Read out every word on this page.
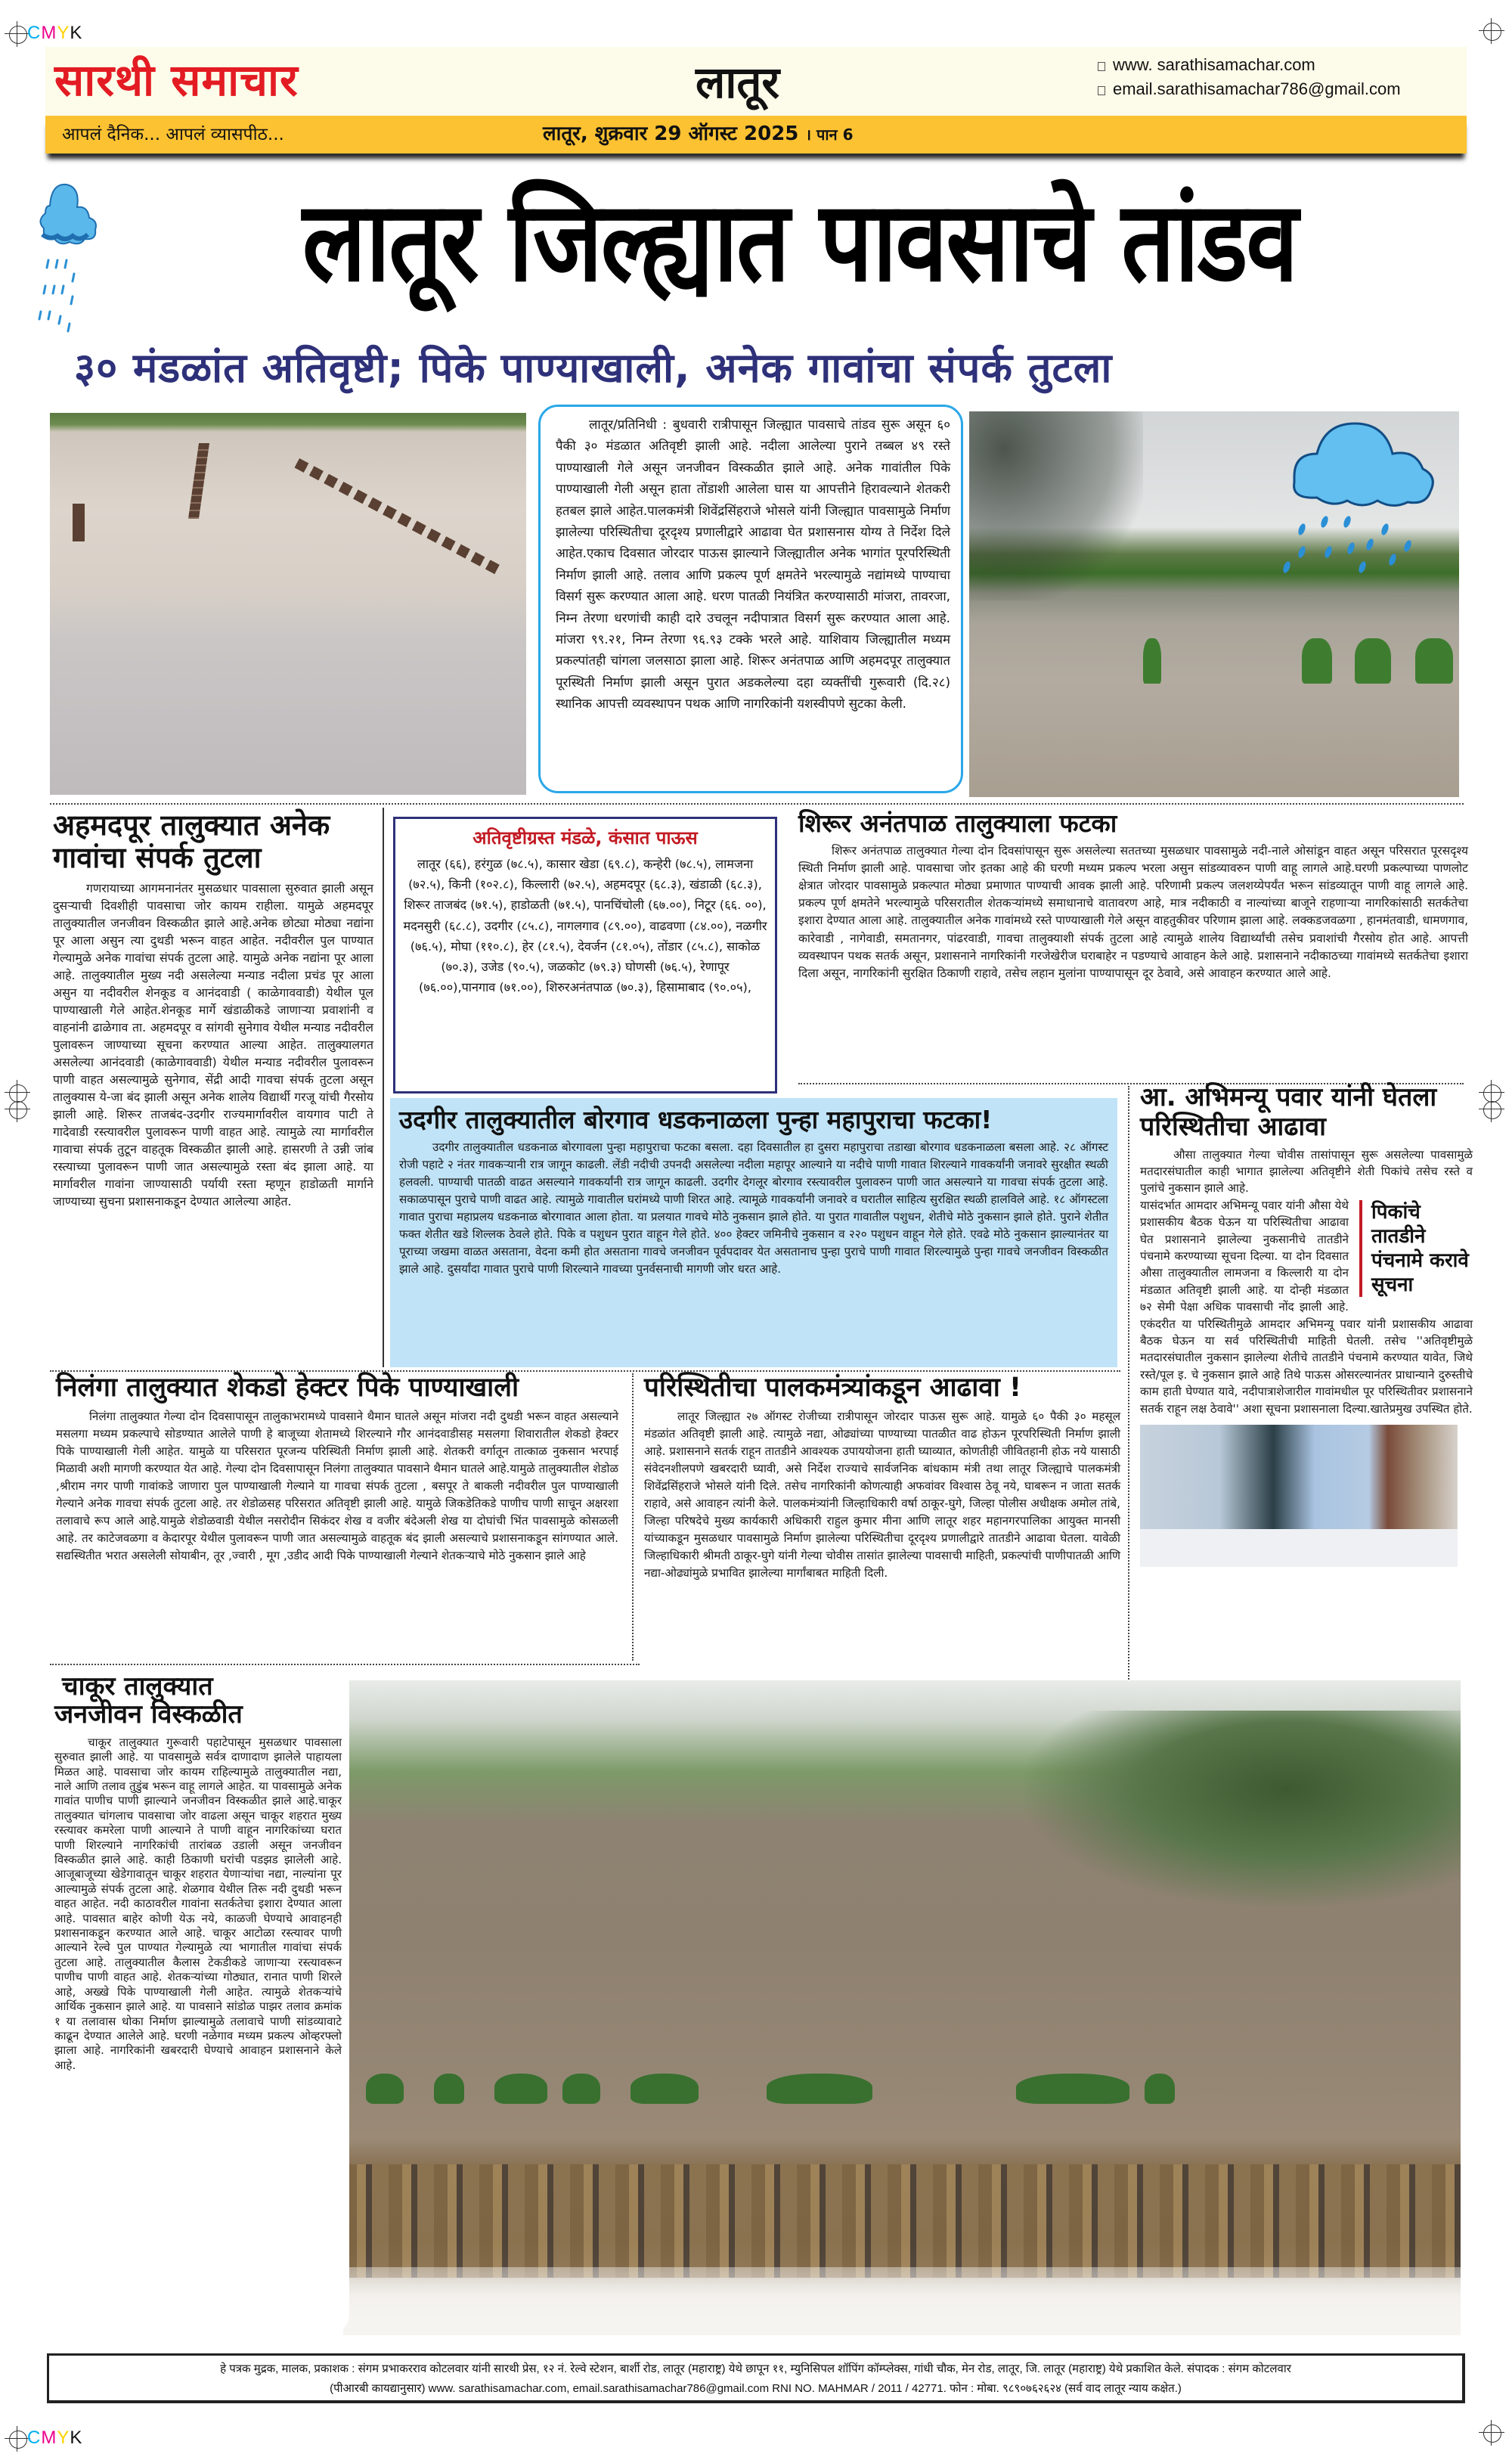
CMYK
CMYK
सारथी समाचार	लातूर	www. sarathisamachar.com
email.sarathisamachar786@gmail.com
आपलं दैनिक... आपलं व्यासपीठ...	लातूर, शुक्रवार 29 ऑगस्ट 2025 । पान 6
लातूर जिल्ह्यात पावसाचे तांडव
३० मंडळांत अतिवृष्टी; पिके पाण्याखाली, अनेक गावांचा संपर्क तुटला

लातूर/प्रतिनिधी : बुधवारी रात्रीपासून जिल्ह्यात पावसाचे तांडव सुरू असून ६० पैकी ३० मंडळात अतिवृष्टी झाली आहे. नदीला आलेल्या पुराने तब्बल ४९ रस्ते पाण्याखाली गेले असून जनजीवन विस्कळीत झाले आहे. अनेक गावांतील पिके पाण्याखाली गेली असून हाता तोंडाशी आलेला घास या आपत्तीने हिरावल्याने शेतकरी हतबल झाले आहेत.पालकमंत्री शिवेंद्रसिंहराजे भोसले यांनी जिल्ह्यात पावसामुळे निर्माण झालेल्या परिस्थितीचा दूरदृश्य प्रणालीद्वारे आढावा घेत प्रशासनास योग्य ते निर्देश दिले आहेत.एकाच दिवसात जोरदार पाऊस झाल्याने जिल्ह्यातील अनेक भागांत पूरपरिस्थिती निर्माण झाली आहे. तलाव आणि प्रकल्प पूर्ण क्षमतेने भरल्यामुळे नद्यांमध्ये पाण्याचा विसर्ग सुरू करण्यात आला आहे. धरण पातळी नियंत्रित करण्यासाठी मांजरा, तावरजा, निम्न तेरणा धरणांची काही दारे उचलून नदीपात्रात विसर्ग सुरू करण्यात आला आहे. मांजरा ९९.२१, निम्न तेरणा ९६.९३ टक्के भरले आहे. याशिवाय जिल्ह्यातील मध्यम प्रकल्पांतही चांगला जलसाठा झाला आहे. शिरूर अनंतपाळ आणि अहमदपूर तालुक्यात पूरस्थिती निर्माण झाली असून पुरात अडकलेल्या दहा व्यक्तींची गुरूवारी (दि.२८) स्थानिक आपत्ती व्यवस्थापन पथक आणि नागरिकांनी यशस्वीपणे सुटका केली.

अहमदपूर तालुक्यात अनेक गावांचा संपर्क तुटला
गणरायाच्या आगमनानंतर मुसळधार पावसाला सुरुवात झाली असून दुसऱ्याची दिवशीही पावसाचा जोर कायम राहीला. यामुळे अहमदपूर तालुक्यातील जनजीवन विस्कळीत झाले आहे.अनेक छोट्या मोठ्या नद्यांना पूर आला असुन त्या दुथडी भरून वाहत आहेत. नदीवरील पुल पाण्यात गेल्यामुळे अनेक गावांचा संपर्क तुटला आहे. यामुळे अनेक नद्यांना पूर आला आहे. तालुक्यातील मुख्य नदी असलेल्या मन्याड नदीला प्रचंड पूर आला असुन या नदीवरील शेनकूड व आनंदवाडी ( काळेगाववाडी) येथील पूल पाण्याखाली गेले आहेत.शेनकूड मार्गे खंडाळीकडे जाणाऱ्या प्रवाशांनी व वाहनांनी ढाळेगाव ता. अहमदपूर व सांगवी सुनेगाव येथील मन्याड नदीवरील पुलावरून जाण्याच्या सूचना करण्यात आल्या आहेत. तालुक्यालगत असलेल्या आनंदवाडी (काळेगाववाडी) येथील मन्याड नदीवरील पुलावरून पाणी वाहत असल्यामुळे सुनेगाव, सेंद्री आदी गावचा संपर्क तुटला असून तालुक्यास ये-जा बंद झाली असून अनेक शालेय विद्यार्थी गरजू यांची गैरसोय झाली आहे. शिरूर ताजबंद-उदगीर राज्यमार्गावरील वायगाव पाटी ते गादेवाडी रस्त्यावरील पुलावरून पाणी वाहत आहे. त्यामुळे त्या मार्गावरील गावाचा संपर्क तुटून वाहतूक विस्कळीत झाली आहे. हासरणी ते उन्नी जांब रस्त्याच्या पुलावरून पाणी जात असल्यामुळे रस्ता बंद झाला आहे. या मार्गावरील गावांना जाण्यासाठी पर्यायी रस्ता म्हणून हाडोळती मार्गाने जाण्याच्या सुचना प्रशासनाकडून देण्यात आलेल्या आहेत.
अतिवृष्टीग्रस्त मंडळे, कंसात पाऊस
लातूर (६६), हरंगुळ (७८.५), कासार खेडा (६९.८), कन्हेरी (७८.५), लामजना (७२.५), किनी (१०२.८), किल्लारी (७२.५), अहमदपूर (६८.३), खंडाळी (६८.३), शिरूर ताजबंद (७१.५), हाडोळती (७१.५), पानचिंचोली (६७.००), निटूर (६६. ००), मदनसुरी (६८.८), उदगीर (८५.८), नागलगाव (८९.००), वाढवणा (८४.००), नळगीर (७६.५), मोघा (११०.८), हेर (८१.५), देवर्जन (८१.०५), तोंडार (८५.८), साकोळ (७०.३), उजेड (९०.५), जळकोट (७९.३) घोणसी (७६.५), रेणापूर (७६.००),पानगाव (७१.००), शिरुरअनंतपाळ (७०.३), हिसामाबाद (९०.०५),
शिरूर अनंतपाळ तालुक्याला फटका
शिरूर अनंतपाळ तालुक्यात गेल्या दोन दिवसांपासून सुरू असलेल्या सततच्या मुसळधार पावसामुळे नदी-नाले ओसांडून वाहत असून परिसरात पूरसदृश्य स्थिती निर्माण झाली आहे. पावसाचा जोर इतका आहे की घरणी मध्यम प्रकल्प भरला असुन सांडव्यावरुन पाणी वाहू लागले आहे.घरणी प्रकल्पाच्या पाणलोट क्षेत्रात जोरदार पावसामुळे प्रकल्पात मोठ्या प्रमाणात पाण्याची आवक झाली आहे. परिणामी प्रकल्प जलशय्येपर्यंत भरून सांडव्यातून पाणी वाहू लागले आहे. प्रकल्प पूर्ण क्षमतेने भरल्यामुळे परिसरातील शेतकऱ्यांमध्ये समाधानाचे वातावरण आहे, मात्र नदीकाठी व नाल्यांच्या बाजूने राहणाऱ्या नागरिकांसाठी सतर्कतेचा इशारा देण्यात आला आहे. तालुक्यातील अनेक गावांमध्ये रस्ते पाण्याखाली गेले असून वाहतुकीवर परिणाम झाला आहे. लक्कडजवळगा , हानमंतवाडी, धामणगाव, कारेवाडी , नागेवाडी, समतानगर, पांढरवाडी, गावचा तालुक्याशी संपर्क तुटला आहे त्यामुळे शालेय विद्यार्थ्यांची तसेच प्रवाशांची गैरसोय होत आहे. आपत्ती व्यवस्थापन पथक सतर्क असून, प्रशासनाने नागरिकांनी गरजेखेरीज घराबाहेर न पडण्याचे आवाहन केले आहे. प्रशासनाने नदीकाठच्या गावांमध्ये सतर्कतेचा इशारा दिला असून, नागरिकांनी सुरक्षित ठिकाणी राहावे, तसेच लहान मुलांना पाण्यापासून दूर ठेवावे, असे आवाहन करण्यात आले आहे.
उदगीर तालुक्यातील बोरगाव धडकनाळला पुन्हा महापुराचा फटका!
उदगीर तालुक्यातील धडकनाळ बोरगावला पुन्हा महापुराचा फटका बसला. दहा दिवसातील हा दुसरा महापुराचा तडाखा बोरगाव धडकनाळला बसला आहे. २८ ऑगस्ट रोजी पहाटे २ नंतर गावकऱ्यानी रात्र जागून काढली. लेंडी नदीची उपनदी असलेल्या नदीला महापूर आल्याने या नदीचे पाणी गावात शिरल्याने गावकर्यांनी जनावरे सुरक्षीत स्थळी हलवली. पाण्याची पातळी वाढत असल्याने गावकर्यांनी रात्र जागून काढली. उदगीर देगलूर बोरगाव रस्त्यावरील पुलावरुन पाणी जात असल्याने या गावचा संपर्क तुटला आहे. सकाळपासून पुराचे पाणी वाढत आहे. त्यामुळे गावातील घरांमध्ये पाणी शिरत आहे. त्यामूळे गावकर्यांनी जनावरे व घरातील साहित्य सुरक्षित स्थळी हालविले आहे. १८ ऑगस्टला गावात पुराचा महाप्रलय धडकनाळ बोरगावात आला होता. या प्रलयात गावचे मोठे नुकसान झाले होते. या पुरात गावातील पशुधन, शेतीचे मोठे नुकसान झाले होते. पुराने शेतीत फक्त शेतीत खडे शिल्लक ठेवले होते. पिके व पशुधन पुरात वाहून गेले होते. ४०० हेक्टर जमिनीचे नुकसान व २२० पशुधन वाहून गेले होते. एवढे मोठे नुकसान झाल्यानंतर या पूराच्या जखमा वाळत असताना, वेदना कमी होत असताना गावचे जनजीवन पूर्वपदावर येत असतानाच पुन्हा पुराचे पाणी गावात शिरल्यामुळे पुन्हा गावचे जनजीवन विस्कळीत झाले आहे. दुसर्यांदा गावात पुराचे पाणी शिरल्याने गावच्या पुनर्वसनाची मागणी जोर धरत आहे.
आ. अभिमन्यू पवार यांनी घेतला परिस्थितीचा आढावा
औसा तालुक्यात गेल्या चोवीस तासांपासून सुरू असलेल्या पावसामुळे मतदारसंघातील काही भागात झालेल्या अतिवृष्टीने शेती पिकांचे तसेच रस्ते व पुलांचे नुकसान झाले आहे.
पिकांचे तातडीने पंचनामे करावे सूचना
यासंदर्भात आमदार अभिमन्यू पवार यांनी औसा येथे प्रशासकीय बैठक घेऊन या परिस्थितीचा आढावा घेत प्रशासनाने झालेल्या नुकसानीचे तातडीने पंचनामे करण्याच्या सूचना दिल्या. या दोन दिवसात औसा तालुक्यातील लामजना व किल्लारी या दोन मंडळात अतिवृष्टी झाली आहे. या दोन्ही मंडळात ७२ सेमी पेक्षा अधिक पावसाची नोंद झाली आहे. एकंदरीत या परिस्थितीमुळे आमदार अभिमन्यू पवार यांनी प्रशासकीय आढावा बैठक घेऊन या सर्व परिस्थितीची माहिती घेतली. तसेच ''अतिवृष्टीमुळे मतदारसंघातील नुकसान झालेल्या शेतीचे तातडीने पंचनामे करण्यात यावेत, जिथे रस्ते/पूल इ. चे नुकसान झाले आहे तिथे पाऊस ओसरल्यानंतर प्राधान्याने दुरुस्तीचे काम हाती घेण्यात यावे, नदीपात्राशेजारील गावांमधील पूर परिस्थितीवर प्रशासनाने सतर्क राहून लक्ष ठेवावे'' अशा सूचना प्रशासनाला दिल्या.खातेप्रमुख उपस्थित होते.
निलंगा तालुक्यात शेकडो हेक्टर पिके पाण्याखाली
निलंगा तालुक्यात गेल्या दोन दिवसापासून तालुकाभरामध्ये पावसाने थैमान घातले असून मांजरा नदी दुथडी भरून वाहत असल्याने मसलगा मध्यम प्रकल्पाचे सोडण्यात आलेले पाणी हे बाजूच्या शेतामध्ये शिरल्याने गौर आनंदवाडीसह मसलगा शिवारातील शेकडो हेक्टर पिके पाण्याखाली गेली आहेत. यामुळे या परिसरात पूरजन्य परिस्थिती निर्माण झाली आहे. शेतकरी वर्गातून तात्काळ नुकसान भरपाई मिळावी अशी मागणी करण्यात येत आहे. गेल्या दोन दिवसापासून निलंगा तालुक्यात पावसाने थैमान घातले आहे.यामुळे तालुक्यातील शेडोळ ,श्रीराम नगर पाणी गावांकडे जाणारा पुल पाण्याखाली गेल्याने या गावचा संपर्क तुटला , बसपूर ते बाकली नदीवरील पुल पाण्याखाली गेल्याने अनेक गावचा संपर्क तुटला आहे. तर शेडोळसह परिसरात अतिवृष्टी झाली आहे. यामुळे जिकडेतिकडे पाणीच पाणी साचून अक्षरशा तलावाचे रूप आले आहे.यामुळे शेडोळवाडी येथील नसरोदीन सिकंदर शेख व वजीर बंदेअली शेख या दोघांची भिंत पावसामुळे कोसळली आहे. तर काटेजवळगा व केदारपूर येथील पुलावरून पाणी जात असल्यामुळे वाहतूक बंद झाली असल्याचे प्रशासनाकडून सांगण्यात आले. सद्यस्थितीत भरात असलेली सोयाबीन, तूर ,ज्वारी , मूग ,उडीद आदी पिके पाण्याखाली गेल्याने शेतकऱ्याचे मोठे नुकसान झाले आहे
परिस्थितीचा पालकमंत्र्यांकडून आढावा !
लातूर जिल्ह्यात २७ ऑगस्ट रोजीच्या रात्रीपासून जोरदार पाऊस सुरू आहे. यामुळे ६० पैकी ३० महसूल मंडळांत अतिवृष्टी झाली आहे. त्यामुळे नद्या, ओढ्यांच्या पाण्याच्या पातळीत वाढ होऊन पूरपरिस्थिती निर्माण झाली आहे. प्रशासनाने सतर्क राहून तातडीने आवश्यक उपाययोजना हाती घ्याव्यात, कोणतीही जीवितहानी होऊ नये यासाठी संवेदनशीलपणे खबरदारी घ्यावी, असे निर्देश राज्याचे सार्वजनिक बांधकाम मंत्री तथा लातूर जिल्ह्याचे पालकमंत्री शिवेंद्रसिंहराजे भोसले यांनी दिले. तसेच नागरिकांनी कोणत्याही अफवांवर विश्वास ठेवू नये, घाबरून न जाता सतर्क राहावे, असे आवाहन त्यांनी केले. पालकमंत्र्यांनी जिल्हाधिकारी वर्षा ठाकूर-घुगे, जिल्हा पोलीस अधीक्षक अमोल तांबे, जिल्हा परिषदेचे मुख्य कार्यकारी अधिकारी राहुल कुमार मीना आणि लातूर शहर महानगरपालिका आयुक्त मानसी यांच्याकडून मुसळधार पावसामुळे निर्माण झालेल्या परिस्थितीचा दूरदृश्य प्रणालीद्वारे तातडीने आढावा घेतला. यावेळी जिल्हाधिकारी श्रीमती ठाकूर-घुगे यांनी गेल्या चोवीस तासांत झालेल्या पावसाची माहिती, प्रकल्पांची पाणीपातळी आणि नद्या-ओढ्यांमुळे प्रभावित झालेल्या मार्गांबाबत माहिती दिली.
चाकूर तालुक्यात
जनजीवन विस्कळीत
चाकूर तालुक्यात गुरूवारी पहाटेपासून मुसळधार पावसाला सुरुवात झाली आहे. या पावसामुळे सर्वत्र दाणादाण झालेले पाहायला मिळत आहे. पावसाचा जोर कायम राहिल्यामुळे तालुक्यातील नद्या, नाले आणि तलाव तुडुंब भरून वाहू लागले आहेत. या पावसामुळे अनेक गावांत पाणीच पाणी झाल्याने जनजीवन विस्कळीत झाले आहे.चाकूर तालुक्यात चांगलाच पावसाचा जोर वाढला असून चाकूर शहरात मुख्य रस्त्यावर कमरेला पाणी आल्याने ते पाणी वाहून नागरिकांच्या घरात पाणी शिरल्याने नागरिकांची तारांबळ उडाली असून जनजीवन विस्कळीत झाले आहे. काही ठिकाणी घरांची पडझड झालेली आहे. आजूबाजूच्या खेडेगावातून चाकूर शहरात येणाऱ्यांचा नद्या, नाल्यांना पूर आल्यामुळे संपर्क तुटला आहे. शेळगाव येथील तिरू नदी दुथडी भरून वाहत आहेत. नदी काठावरील गावांना सतर्कतेचा इशारा देण्यात आला आहे. पावसात बाहेर कोणी येऊ नये, काळजी घेण्याचे आवाहनही प्रशासनाकडून करण्यात आले आहे. चाकूर आटोळा रस्त्यावर पाणी आल्याने रेल्वे पुल पाण्यात गेल्यामुळे त्या भागातील गावांचा संपर्क तुटला आहे. तालुक्यातील कैलास टेकडीकडे जाणाऱ्या रस्त्यावरून पाणीच पाणी वाहत आहे. शेतकऱ्यांच्या गोठ्यात, रानात पाणी शिरले आहे, अख्खे पिके पाण्याखाली गेली आहेत. त्यामुळे शेतकऱ्यांचे आर्थिक नुकसान झाले आहे. या पावसाने सांडोळ पाझर तलाव क्रमांक १ या तलावास धोका निर्माण झाल्यामुळे तलावाचे पाणी सांडव्यावाटे काढून देण्यात आलेले आहे. घरणी नळेगाव मध्यम प्रकल्प ओव्हरफ्लो झाला आहे. नागरिकांनी खबरदारी घेण्याचे आवाहन प्रशासनाने केले आहे.
हे पत्रक मुद्रक, मालक, प्रकाशक : संगम प्रभाकरराव कोटलवार यांनी सारथी प्रेस, १२ नं. रेल्वे स्टेशन, बार्शी रोड, लातूर (महाराष्ट्र) येथे छापून ११, म्युनिसिपल शॉपिंग कॉम्प्लेक्स, गांधी चौक, मेन रोड, लातूर, जि. लातूर (महाराष्ट्र) येथे प्रकाशित केले. संपादक : संगम कोटलवार
(पीआरबी कायद्यानुसार) www. sarathisamachar.com, email.sarathisamachar786@gmail.com RNI NO. MAHMAR / 2011 / 42771. फोन : मोबा. ९८९०७६२६२४ (सर्व वाद लातूर न्याय कक्षेत.)
